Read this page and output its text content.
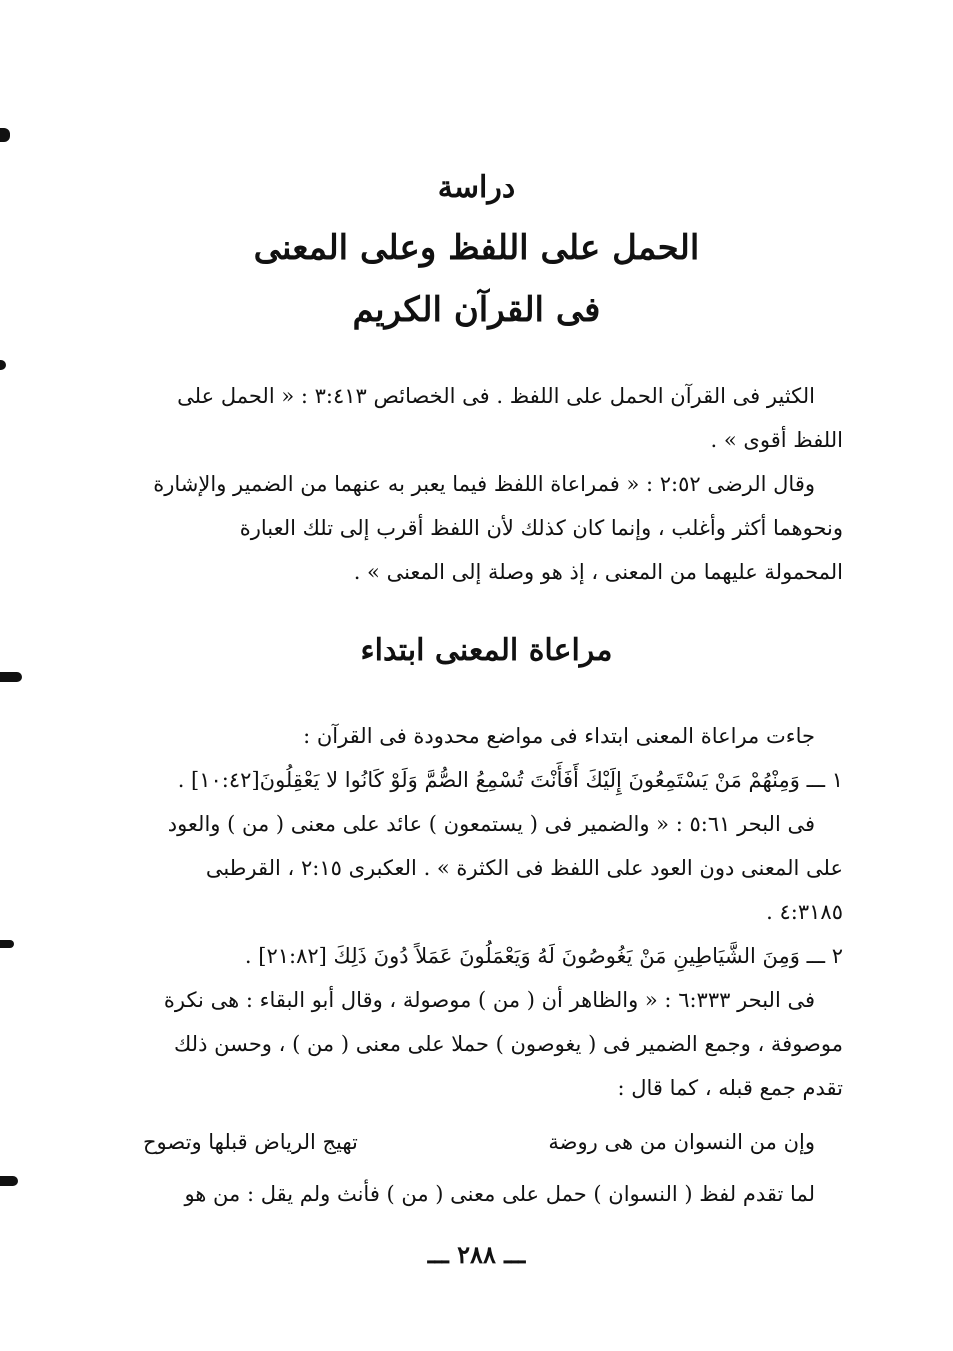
دراسة
الحمل على اللفظ وعلى المعنى
فى القرآن الكريم
الكثير فى القرآن الحمل على اللفظ . فى الخصائص ٣:٤١٣ : « الحمل على
اللفظ أقوى » .
وقال الرضى ٢:٥٢ : « فمراعاة اللفظ فيما يعبر به عنهما من الضمير والإشارة
ونحوهما أكثر وأغلب ، وإنما كان كذلك لأن اللفظ أقرب إلى تلك العبارة
المحمولة عليهما من المعنى ، إذ هو وصلة إلى المعنى » .
مراعاة المعنى ابتداء
جاءت مراعاة المعنى ابتداء فى مواضع محدودة فى القرآن :
١ ـــ وَمِنْهُمْ مَنْ يَسْتَمِعُونَ إِلَيْكَ أَفَأَنْتَ تُسْمِعُ الصُّمَّ وَلَوْ كَانُوا لا يَعْقِلُونَ[١٠:٤٢] .
فى البحر ٥:٦١ : « والضمير فى ( يستمعون ) عائد على معنى ( من ) والعود
على المعنى دون العود على اللفظ فى الكثرة » . العكبرى ٢:١٥ ، القرطبى
٤:٣١٨٥ .
٢ ـــ وَمِنَ الشَّيَاطِينِ مَنْ يَغُوصُونَ لَهُ وَيَعْمَلُونَ عَمَلاً دُونَ ذَلِكَ [٢١:٨٢] .
فى البحر ٦:٣٣٣ : « والظاهر أن ( من ) موصولة ، وقال أبو البقاء : هى نكرة
موصوفة ، وجمع الضمير فى ( يغوصون ) حملا على معنى ( من ) ، وحسن ذلك
تقدم جمع قبله ، كما قال :
وإن من النسوان من هى روضة
تهيج الرياض قبلها وتصوح
لما تقدم لفظ ( النسوان ) حمل على معنى ( من ) فأنث ولم يقل : من هو
ـــ ٢٨٨ ـــ
